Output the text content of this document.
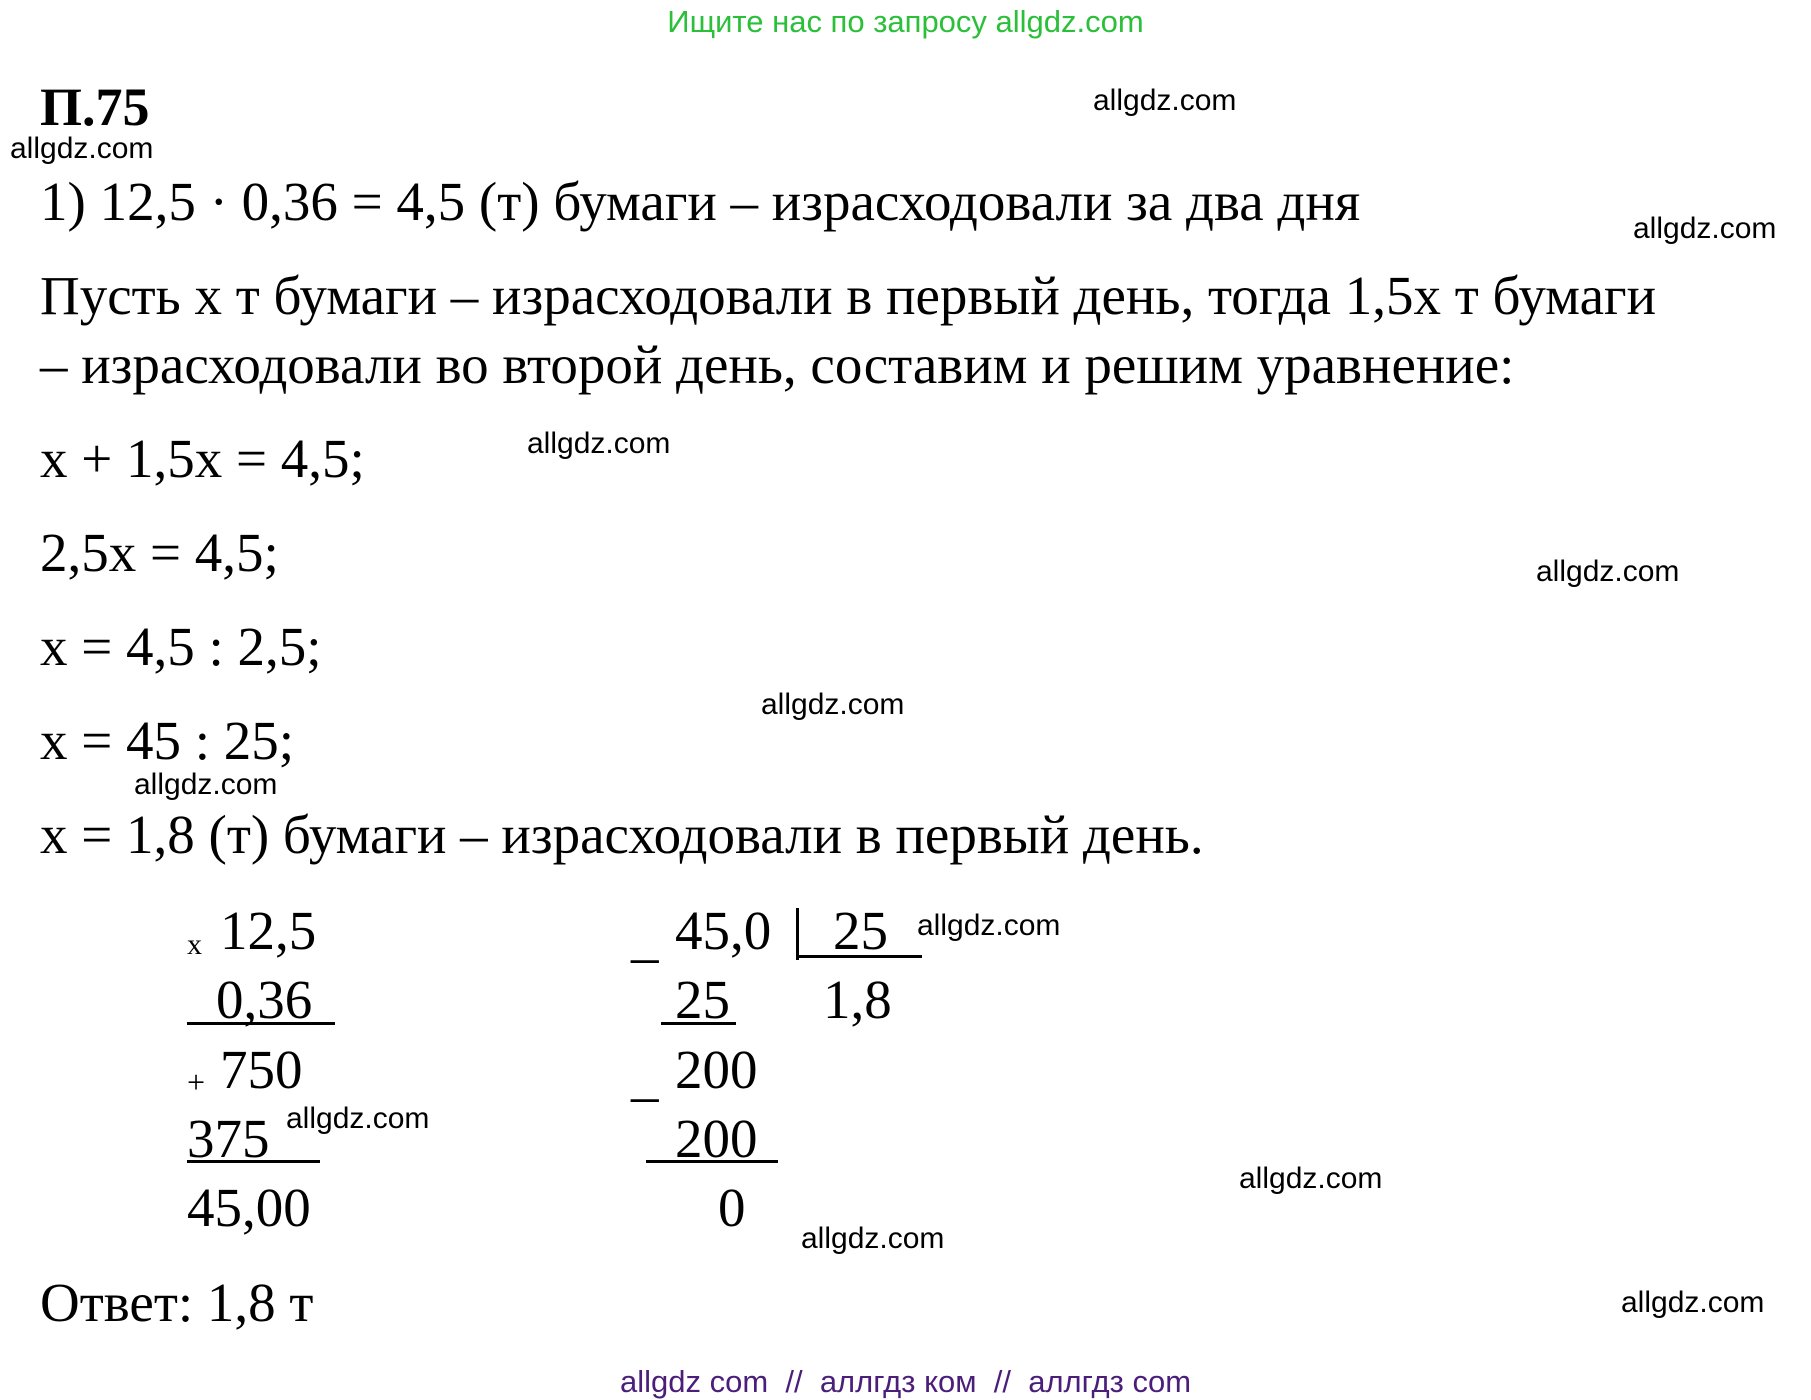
Ищите нас по запросу allgdz.com
П.75
1) 12,5 · 0,36 = 4,5 (т) бумаги – израсходовали за два дня
Пусть х т бумаги – израсходовали в первый день, тогда 1,5х т бумаги
– израсходовали во второй день, составим и решим уравнение:
х + 1,5х = 4,5;
2,5х = 4,5;
х = 4,5 : 2,5;
х = 45 : 25;
х = 1,8 (т) бумаги – израсходовали в первый день.
х 12,5
0,36
+ 750
375
45,00
_ 45,0 25
25 1,8
_ 200
200
0
Ответ: 1,8 т
allgdz.com
allgdz.com
allgdz.com
allgdz.com
allgdz.com
allgdz.com
allgdz.com
allgdz.com
allgdz.com
allgdz.com
allgdz.com
allgdz.com
allgdz com  //  аллгдз ком  //  аллгдз com
